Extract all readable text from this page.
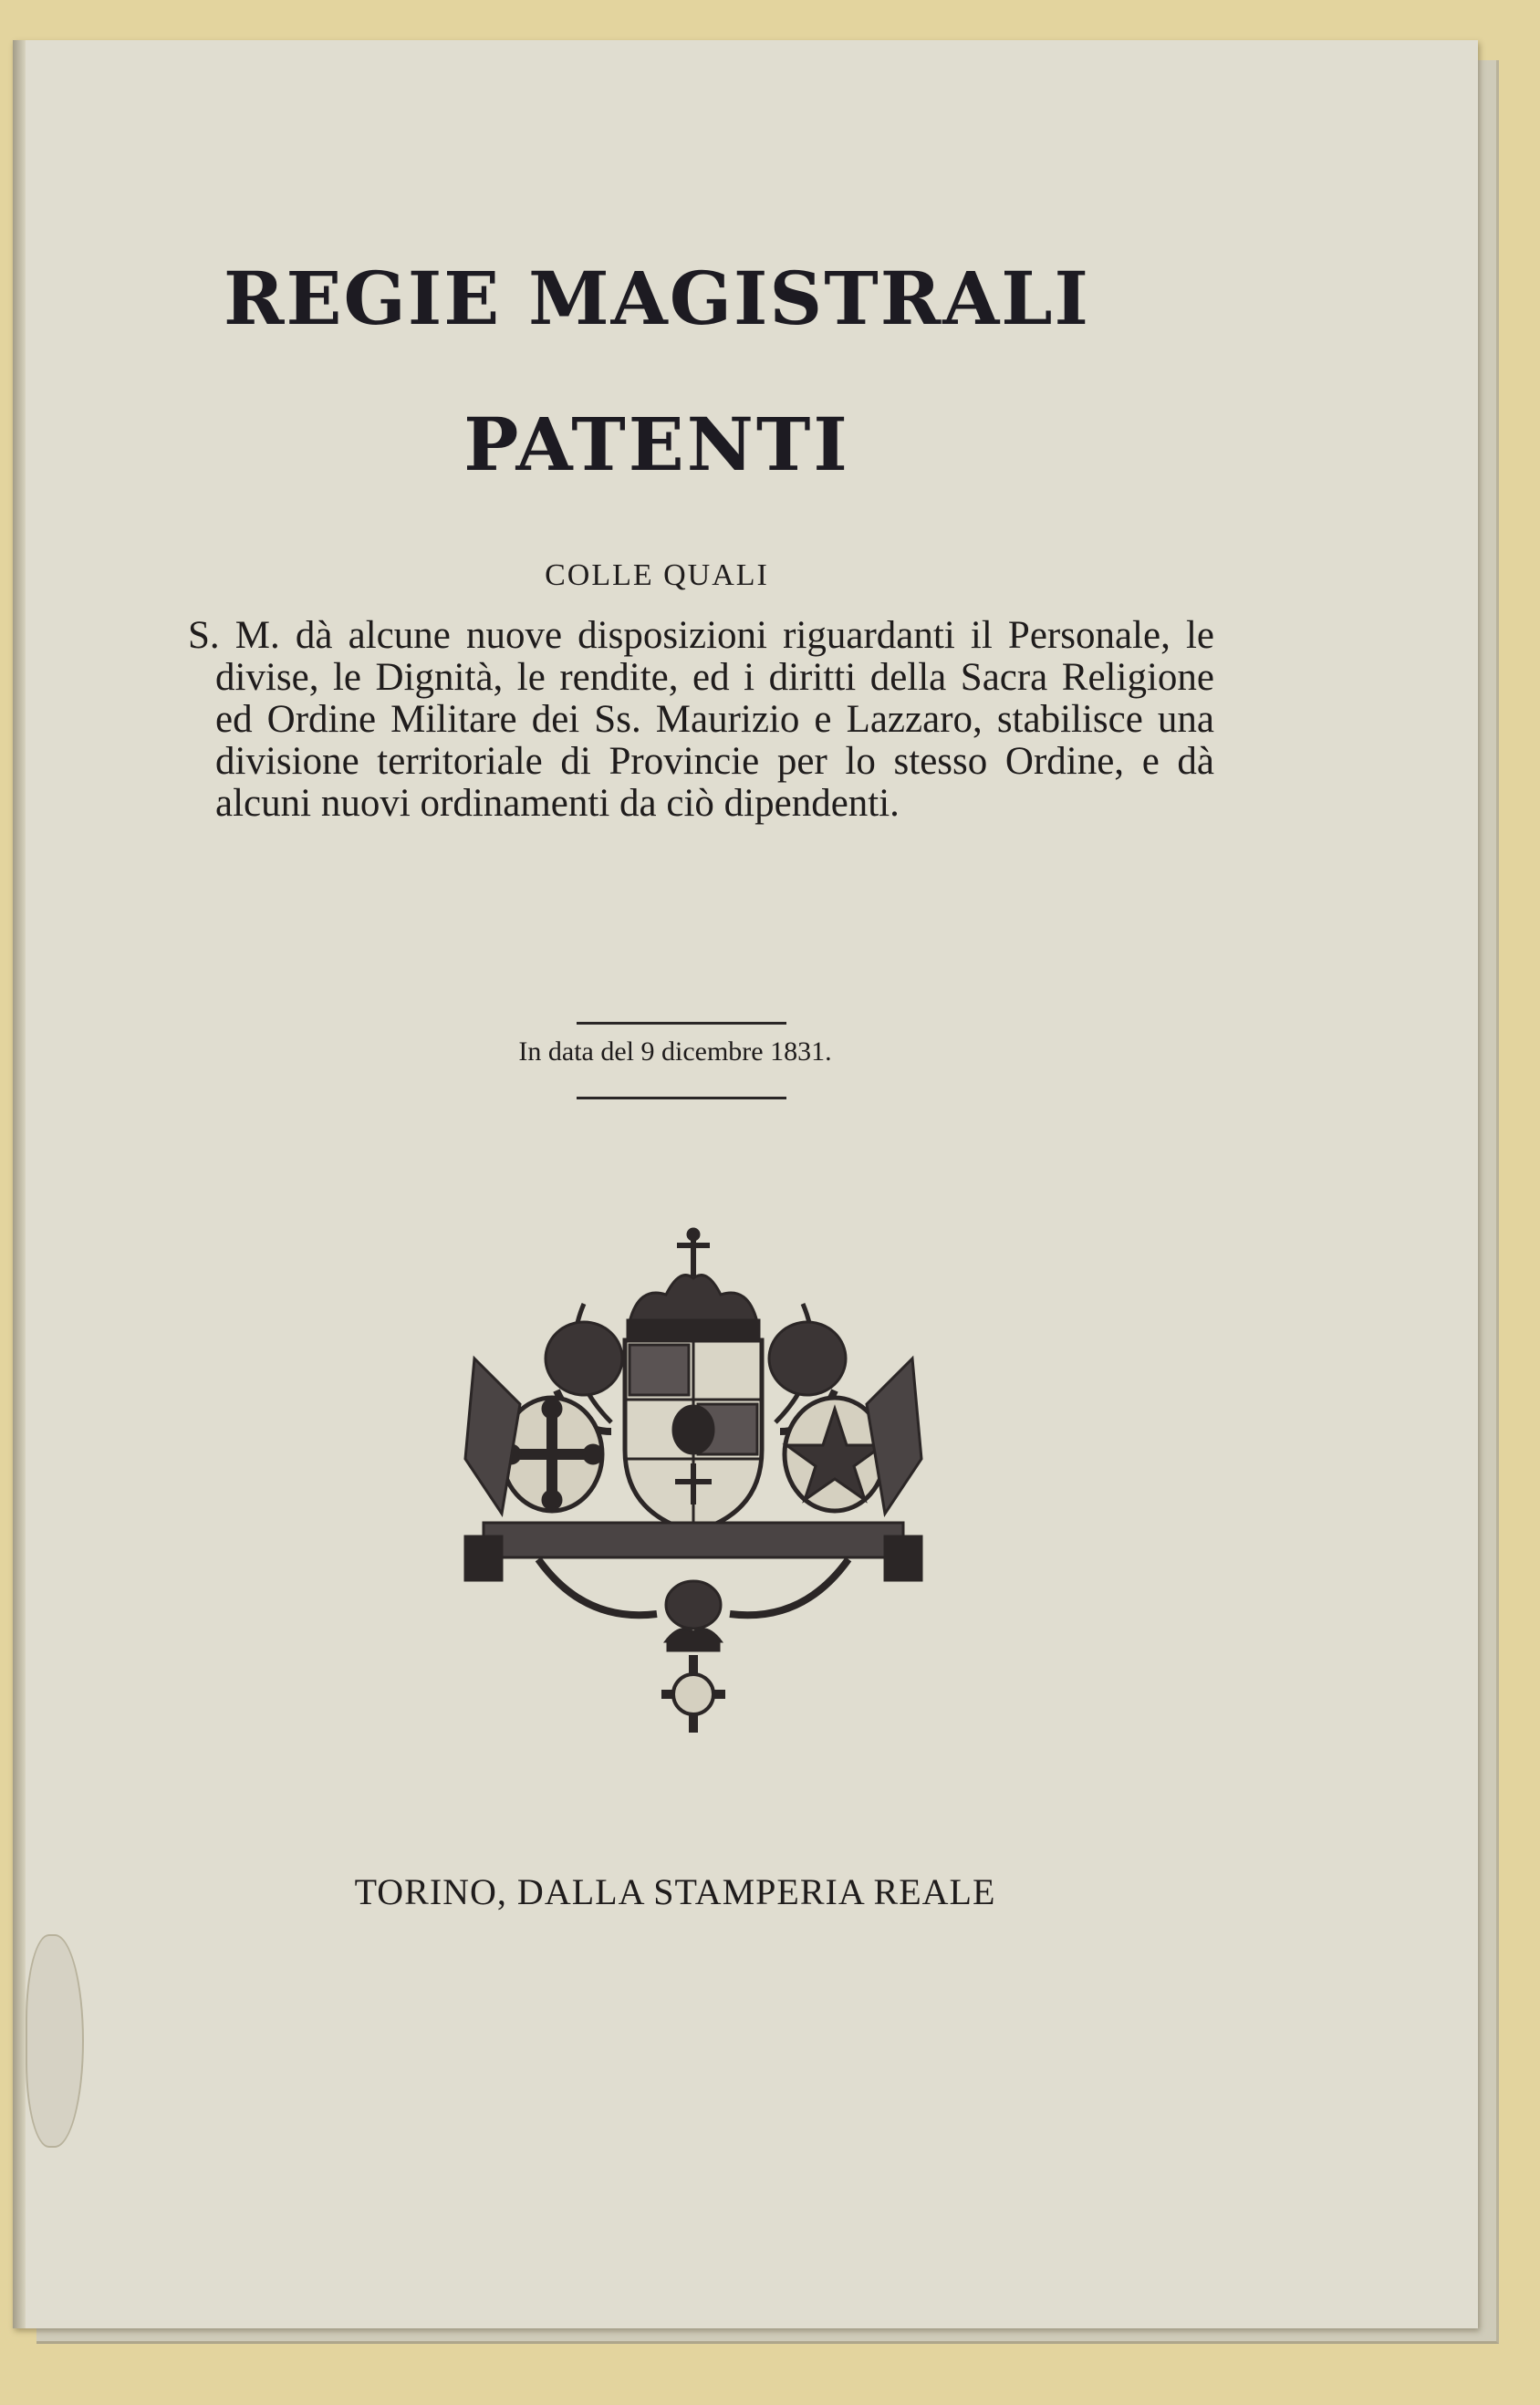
REGIE MAGISTRALI
PATENTI
COLLE QUALI
S. M. dà alcune nuove disposizioni riguardanti il Personale, le divise, le Dignità, le rendite, ed i diritti della Sacra Religione ed Ordine Militare dei Ss. Maurizio e Lazzaro, stabilisce una divisione territoriale di Provincie per lo stesso Ordine, e dà alcuni nuovi ordinamenti da ciò dipendenti.
In data del 9 dicembre 1831.
TORINO, DALLA STAMPERIA REALE
